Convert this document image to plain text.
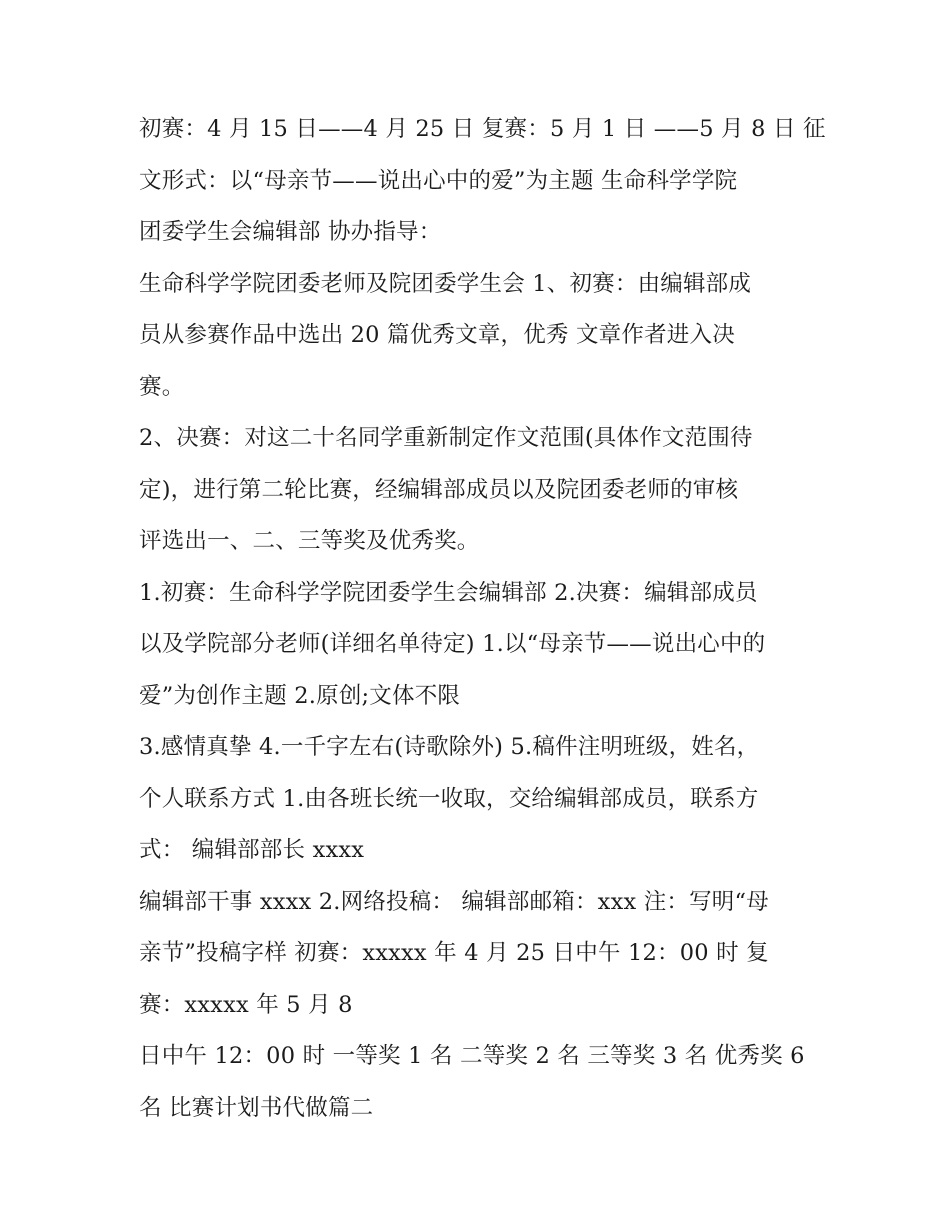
初赛：4 月 15 日——4 月 25 日 复赛：5 月 1 日 ——5 月 8 日 征
文形式：以“母亲节——说出心中的爱”为主题 生命科学学院
团委学生会编辑部 协办指导：
生命科学学院团委老师及院团委学生会 1、初赛：由编辑部成
员从参赛作品中选出 20 篇优秀文章，优秀 文章作者进入决
赛。
2、决赛：对这二十名同学重新制定作文范围(具体作文范围待
定)，进行第二轮比赛，经编辑部成员以及院团委老师的审核
评选出一、二、三等奖及优秀奖。
1.初赛：生命科学学院团委学生会编辑部 2.决赛：编辑部成员
以及学院部分老师(详细名单待定) 1.以“母亲节——说出心中的
爱”为创作主题 2.原创;文体不限
3.感情真挚 4.一千字左右(诗歌除外) 5.稿件注明班级，姓名，
个人联系方式 1.由各班长统一收取，交给编辑部成员，联系方
式： 编辑部部长 xxxx
编辑部干事 xxxx 2.网络投稿： 编辑部邮箱：xxx 注：写明“母
亲节”投稿字样 初赛：xxxxx 年 4 月 25 日中午 12：00 时 复
赛：xxxxx 年 5 月 8
日中午 12：00 时 一等奖 1 名 二等奖 2 名 三等奖 3 名 优秀奖 6
名 比赛计划书代做篇二
